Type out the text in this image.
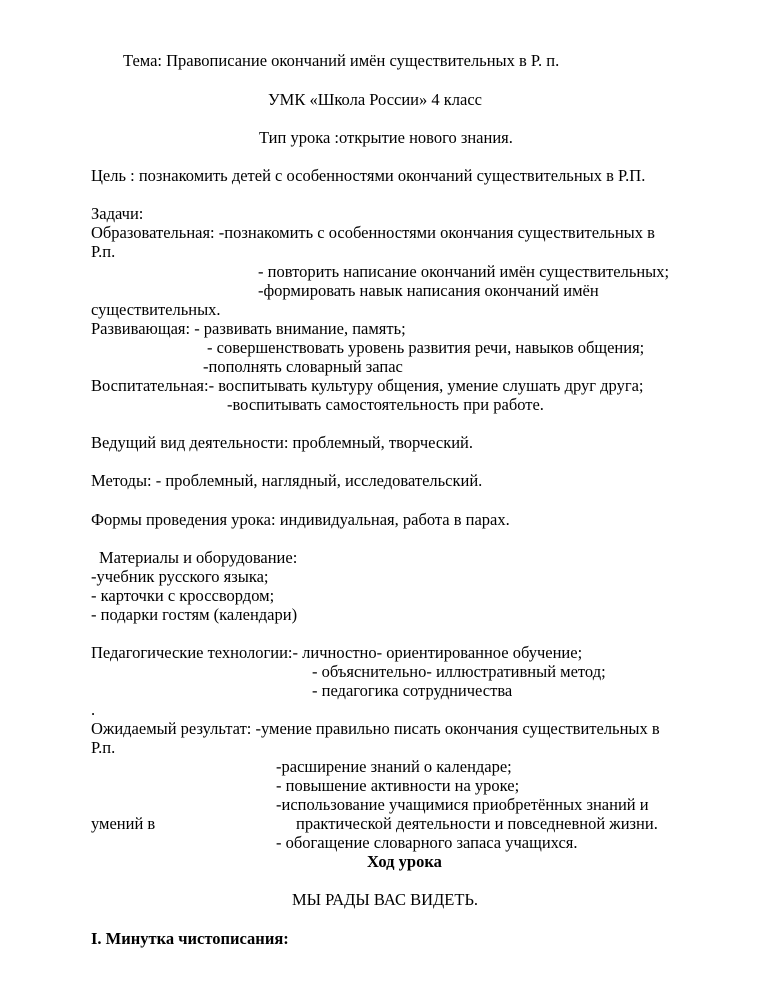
Тема: Правописание окончаний имён существительных в Р. п.
УМК «Школа России» 4 класс
Тип урока :открытие нового знания.
Цель : познакомить детей с особенностями окончаний существительных в Р.П.
Задачи:
Образовательная: -познакомить с особенностями окончания существительных в
Р.п.
- повторить написание окончаний имён существительных;
-формировать навык написания окончаний имён
существительных.
Развивающая: - развивать внимание, память;
- совершенствовать уровень развития речи, навыков общения;
-пополнять словарный запас
Воспитательная:- воспитывать культуру общения, умение слушать друг друга;
-воспитывать самостоятельность при работе.
Ведущий вид деятельности: проблемный, творческий.
Методы: - проблемный, наглядный, исследовательский.
Формы проведения урока: индивидуальная, работа в парах.
Материалы и оборудование:
-учебник русского языка;
- карточки с кроссвордом;
- подарки гостям (календари)
Педагогические технологии:- личностно- ориентированное обучение;
- объяснительно- иллюстративный метод;
- педагогика сотрудничества
.
Ожидаемый результат: -умение правильно писать окончания существительных в
Р.п.
-расширение знаний о календаре;
- повышение активности на уроке;
-использование учащимися приобретённых знаний и
умений в	практической деятельности и повседневной жизни.
- обогащение словарного запаса учащихся.
Ход урока
МЫ РАДЫ ВАС ВИДЕТЬ.
I. Минутка чистописания:
